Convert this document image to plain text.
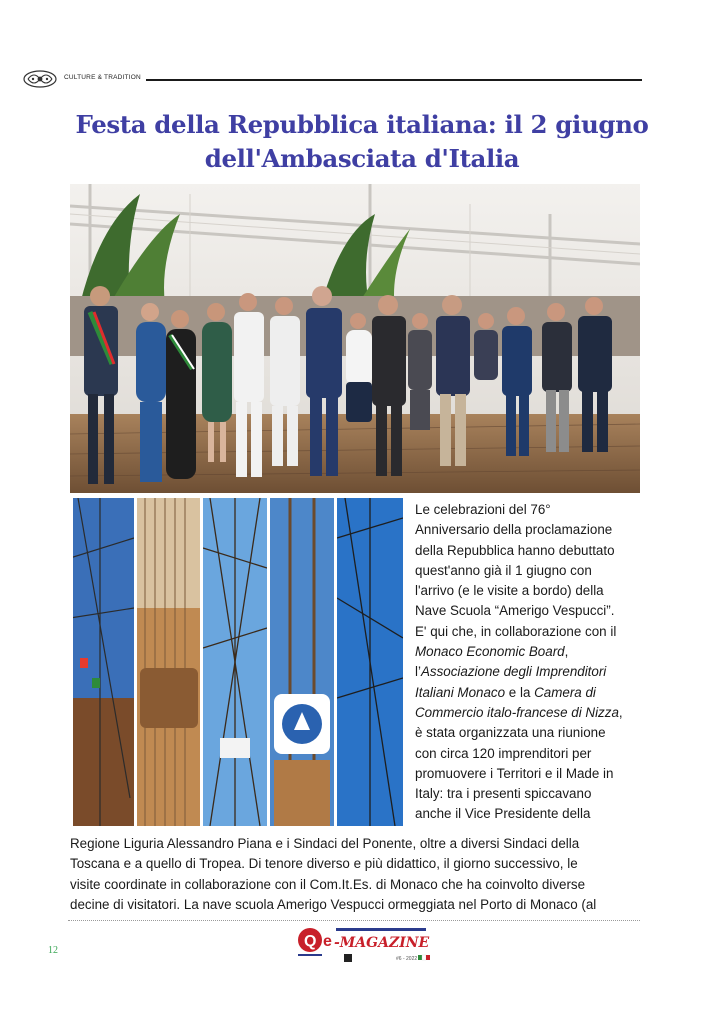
CULTURE & TRADITION
Festa della Repubblica italiana: il 2 giugno
dell'Ambasciata d'Italia

Le celebrazioni del 76°

Anniversario della proclamazione

della Repubblica hanno debuttato

quest'anno già il 1 giugno con

l'arrivo (e le visite a bordo) della

Nave Scuola “Amerigo Vespucci”.

E' qui che, in collaborazione con il

Monaco Economic Board,

l’Associazione degli Imprenditori

Italiani Monaco e la Camera di

Commercio italo-francese di Nizza,

è stata organizzata una riunione

con circa 120 imprenditori per

promuovere i Territori e il Made in

Italy: tra i presenti spiccavano

anche il Vice Presidente della

Regione Liguria Alessandro Piana e i Sindaci del Ponente, oltre a diversi Sindaci della

Toscana e a quello di Tropea. Di tenore diverso e più didattico, il giorno successivo, le

visite coordinate in collaborazione con il Com.It.Es. di Monaco che ha coinvolto diverse

decine di visitatori. La nave scuola Amerigo Vespucci ormeggiata nel Porto di Monaco (al

12
Q e -MAGAZINE
#6 - 2022
